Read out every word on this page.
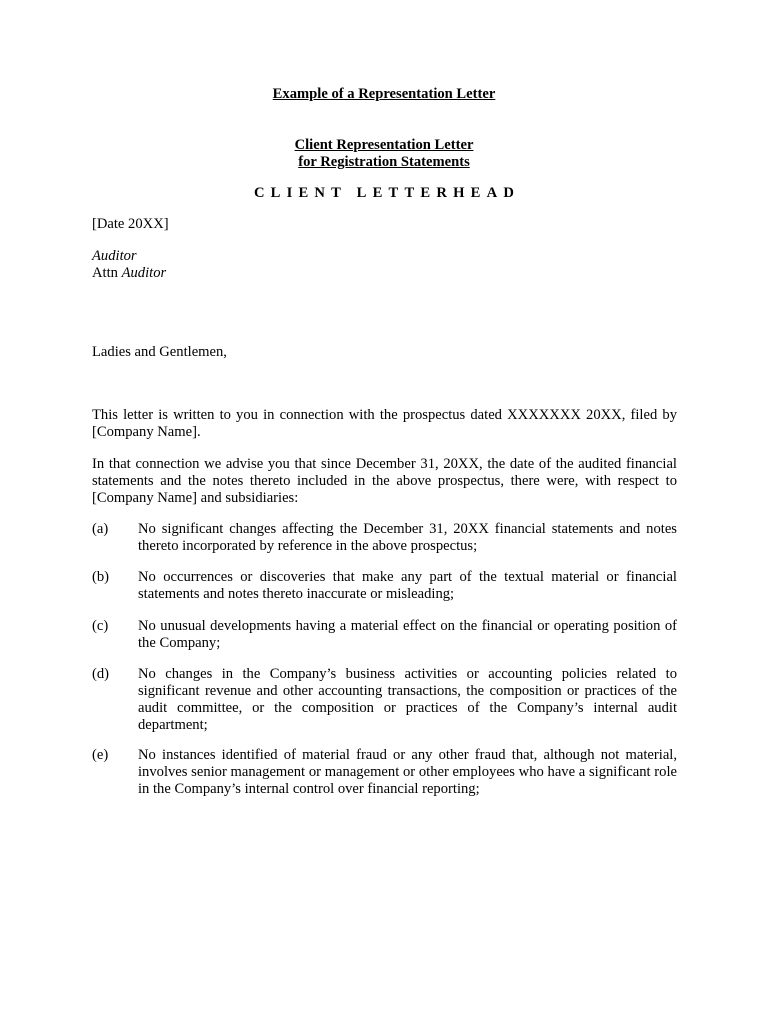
Example of a Representation Letter
Client Representation Letter
for Registration Statements
CLIENT LETTERHEAD
[Date 20XX]
Auditor
Attn Auditor
Ladies and Gentlemen,
This letter is written to you in connection with the prospectus dated XXXXXXX 20XX, filed by [Company Name].
In that connection we advise you that since December 31, 20XX, the date of the audited financial statements and the notes thereto included in the above prospectus, there were, with respect to [Company Name] and subsidiaries:
(a)	No significant changes affecting the December 31, 20XX financial statements and notes thereto incorporated by reference in the above prospectus;
(b)	No occurrences or discoveries that make any part of the textual material or financial statements and notes thereto inaccurate or misleading;
(c)	No unusual developments having a material effect on the financial or operating position of the Company;
(d)	No changes in the Company’s business activities or accounting policies related to significant revenue and other accounting transactions, the composition or practices of the audit committee, or the composition or practices of the Company’s internal audit department;
(e)	No instances identified of material fraud or any other fraud that, although not material, involves senior management or management or other employees who have a significant role in the Company’s internal control over financial reporting;
